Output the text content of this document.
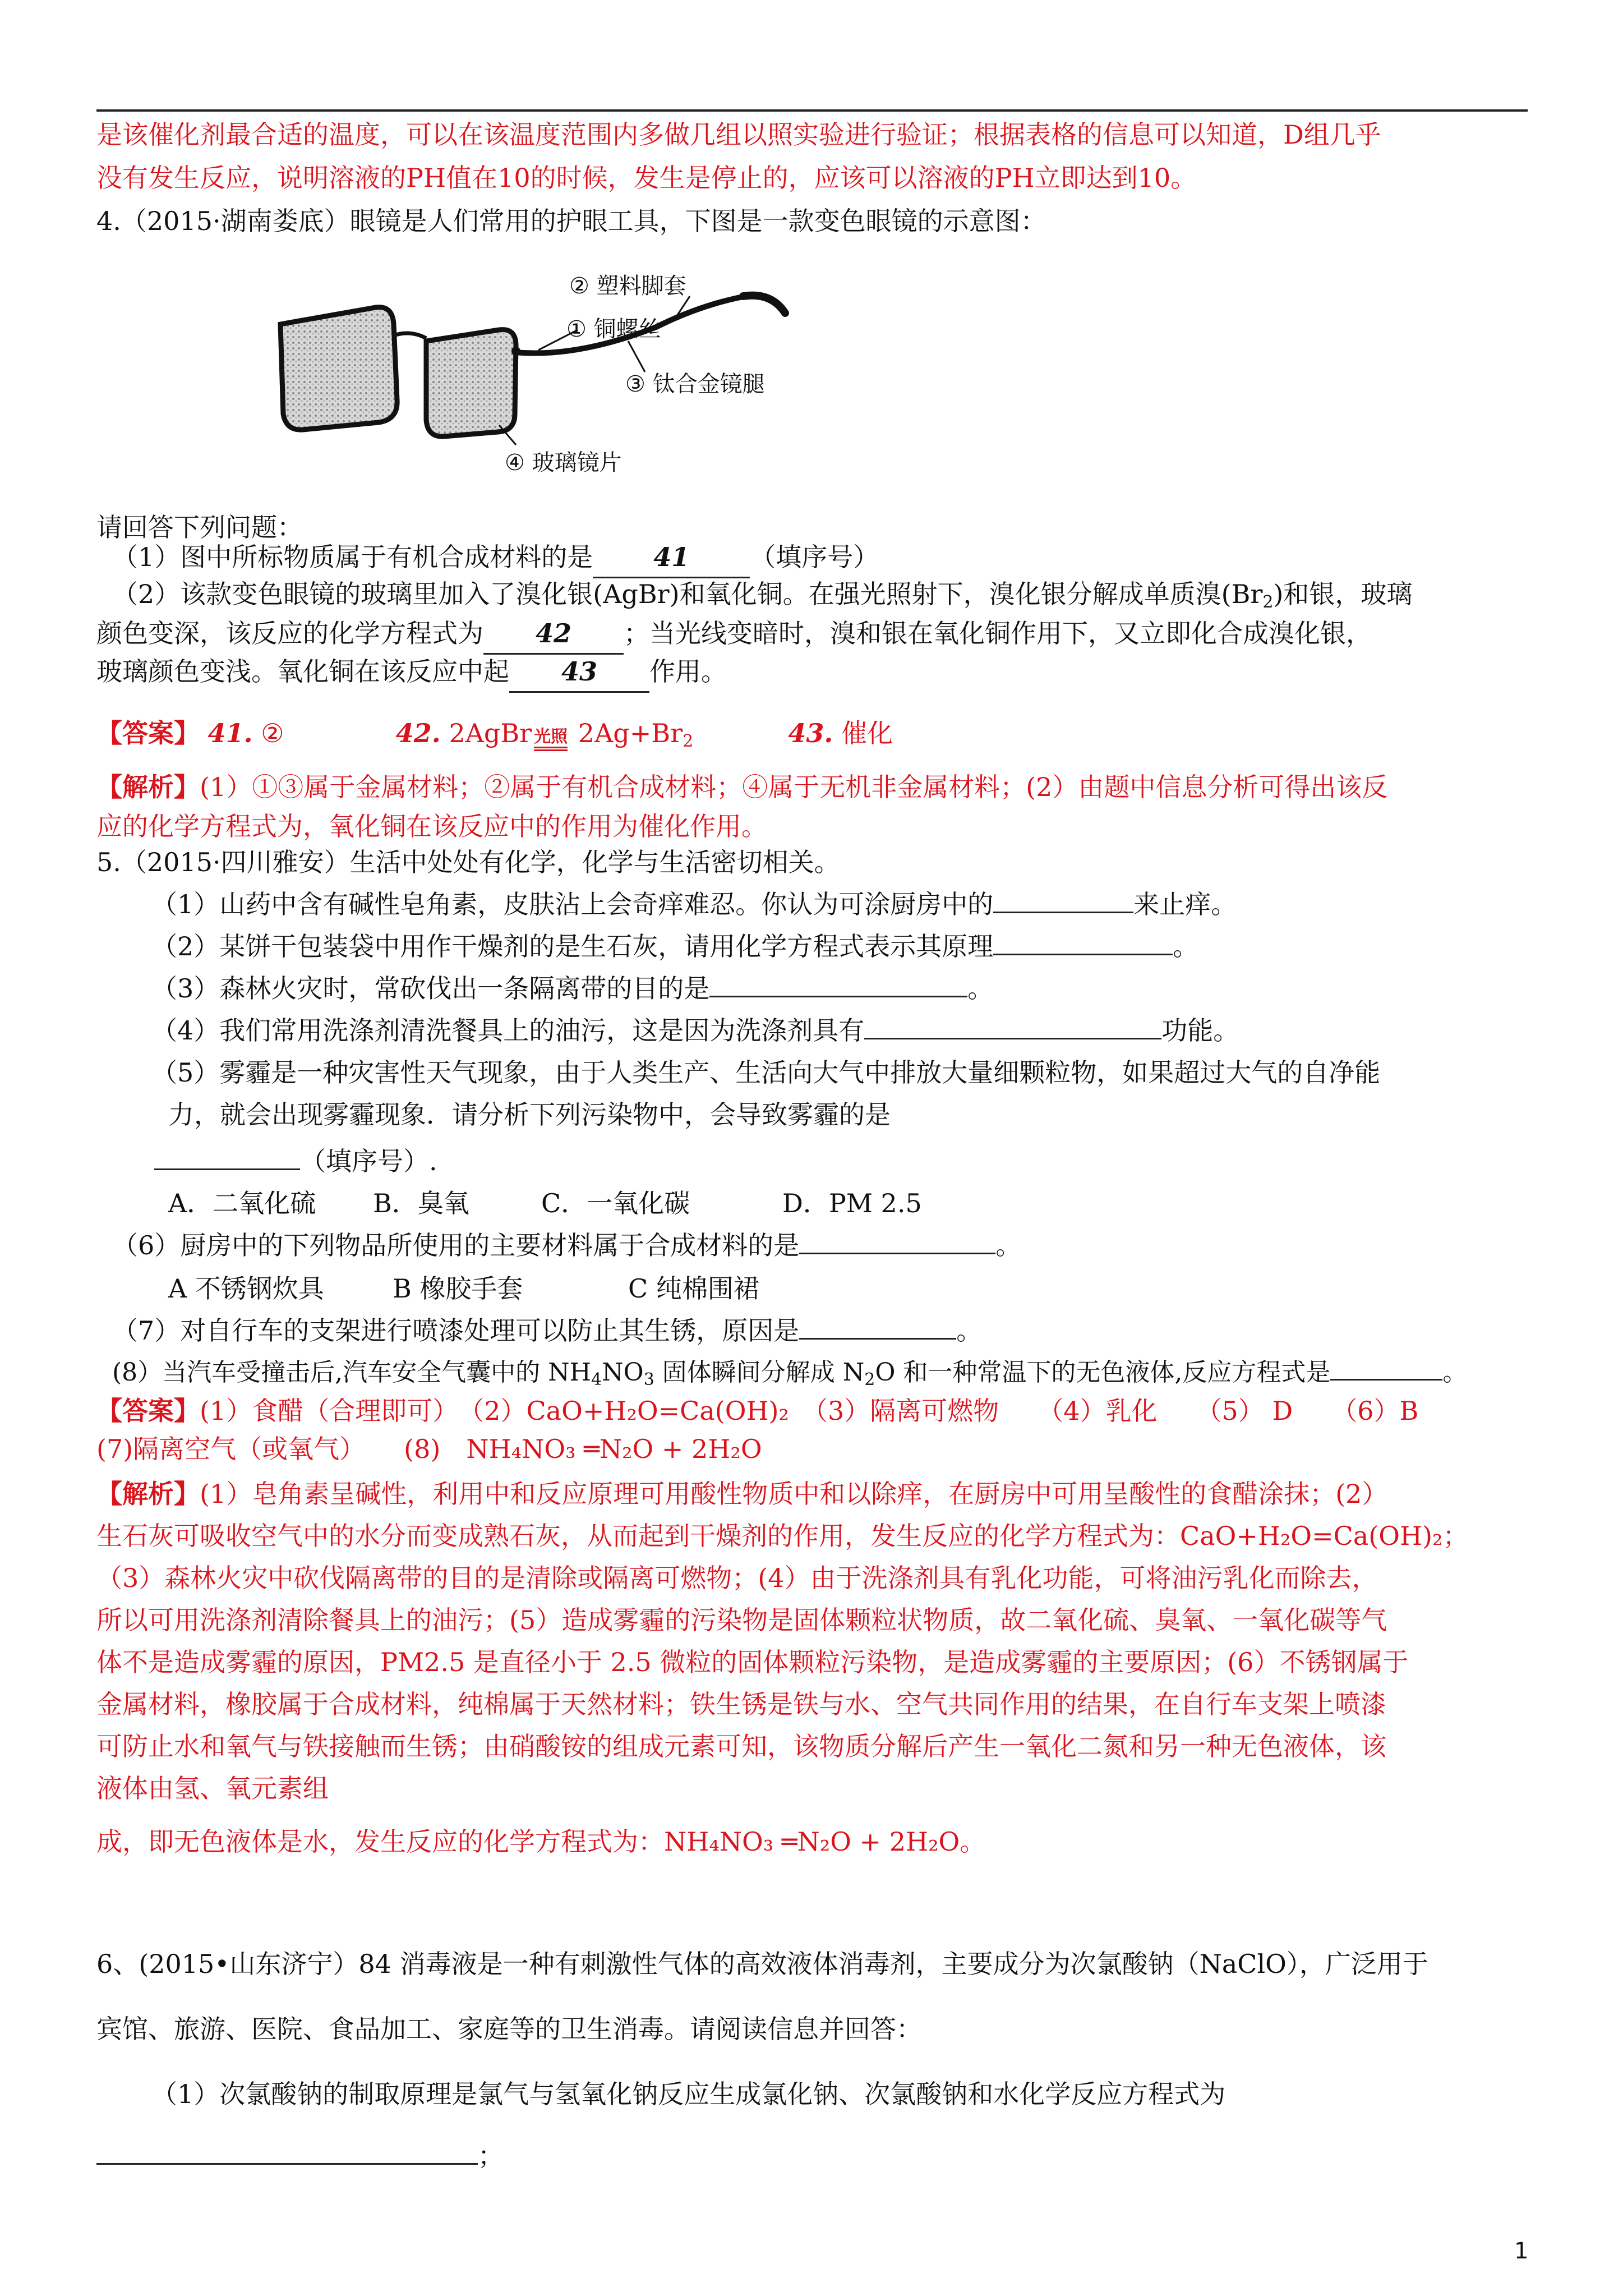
是该催化剂最合适的温度，可以在该温度范围内多做几组以照实验进行验证；根据表格的信息可以知道，D组几乎
没有发生反应，说明溶液的PH值在10的时候，发生是停止的，应该可以溶液的PH立即达到10。
4.（2015·湖南娄底）眼镜是人们常用的护眼工具，下图是一款变色眼镜的示意图：
① 铜螺丝
② 塑料脚套
③ 钛合金镜腿
④ 玻璃镜片
请回答下列问题：
（1）图中所标物质属于有机合成材料的是 41 （填序号）
（2）该款变色眼镜的玻璃里加入了溴化银(AgBr)和氧化铜。在强光照射下，溴化银分解成单质溴$(Br_2)$和银，玻璃
颜色变深，该反应的化学方程式为 42 ；当光线变暗时，溴和银在氧化铜作用下，又立即化合成溴化银，
玻璃颜色变浅。氧化铜在该反应中起 43 作用。
【答案】 41. ②	42. 2AgBr 光照 $2Ag+Br_2$	43. 催化
【解析】(1）①③属于金属材料；②属于有机合成材料；④属于无机非金属材料；(2）由题中信息分析可得出该反
应的化学方程式为，氧化铜在该反应中的作用为催化作用。
5.（2015·四川雅安）生活中处处有化学，化学与生活密切相关。
（1）山药中含有碱性皂角素，皮肤沾上会奇痒难忍。你认为可涂厨房中的	来止痒。
（2）某饼干包装袋中用作干燥剂的是生石灰，请用化学方程式表示其原理	。
（3）森林火灾时，常砍伐出一条隔离带的目的是	。
（4）我们常用洗涤剂清洗餐具上的油污，这是因为洗涤剂具有	功能。
（5）雾霾是一种灾害性天气现象，由于人类生产、生活向大气中排放大量细颗粒物，如果超过大气的自净能
力，就会出现雾霾现象．请分析下列污染物中，会导致雾霾的是
（填序号）.
A．二氧化硫 B．臭氧	C．一氧化碳	D．PM 2.5
（6）厨房中的下列物品所使用的主要材料属于合成材料的是	。
A 不锈钢炊具	B 橡胶手套	C 纯棉围裙
（7）对自行车的支架进行喷漆处理可以防止其生锈，原因是	。
(8）当汽车受撞击后,汽车安全气囊中的 $NH_4NO_3$ 固体瞬间分解成 $N_2O$ 和一种常温下的无色液体,反应方程式是	。
【答案】(1）食醋（合理即可）　（2）CaO+H₂O=Ca(OH)₂　（3）隔离可燃物　　（4）乳化　　（5） D　　（6）B
(7)隔离空气（或氧气）　　(8)　NH₄NO₃ ═N₂O + 2H₂O
【解析】(1）皂角素呈碱性，利用中和反应原理可用酸性物质中和以除痒，在厨房中可用呈酸性的食醋涂抹；(2）
生石灰可吸收空气中的水分而变成熟石灰，从而起到干燥剂的作用，发生反应的化学方程式为：CaO+H₂O=Ca(OH)₂；
（3）森林火灾中砍伐隔离带的目的是清除或隔离可燃物；(4）由于洗涤剂具有乳化功能，可将油污乳化而除去，
所以可用洗涤剂清除餐具上的油污；(5）造成雾霾的污染物是固体颗粒状物质，故二氧化硫、臭氧、一氧化碳等气
体不是造成雾霾的原因，PM2.5 是直径小于 2.5 微粒的固体颗粒污染物，是造成雾霾的主要原因；(6）不锈钢属于
金属材料，橡胶属于合成材料，纯棉属于天然材料；铁生锈是铁与水、空气共同作用的结果，在自行车支架上喷漆
可防止水和氧气与铁接触而生锈；由硝酸铵的组成元素可知，该物质分解后产生一氧化二氮和另一种无色液体，该
液体由氢、氧元素组
成，即无色液体是水，发生反应的化学方程式为：NH₄NO₃ ═N₂O + 2H₂O。
6、(2015•山东济宁）84 消毒液是一种有刺激性气体的高效液体消毒剂，主要成分为次氯酸钠（NaClO），广泛用于
宾馆、旅游、医院、食品加工、家庭等的卫生消毒。请阅读信息并回答：
（1）次氯酸钠的制取原理是氯气与氢氧化钠反应生成氯化钠、次氯酸钠和水化学反应方程式为
；
1
